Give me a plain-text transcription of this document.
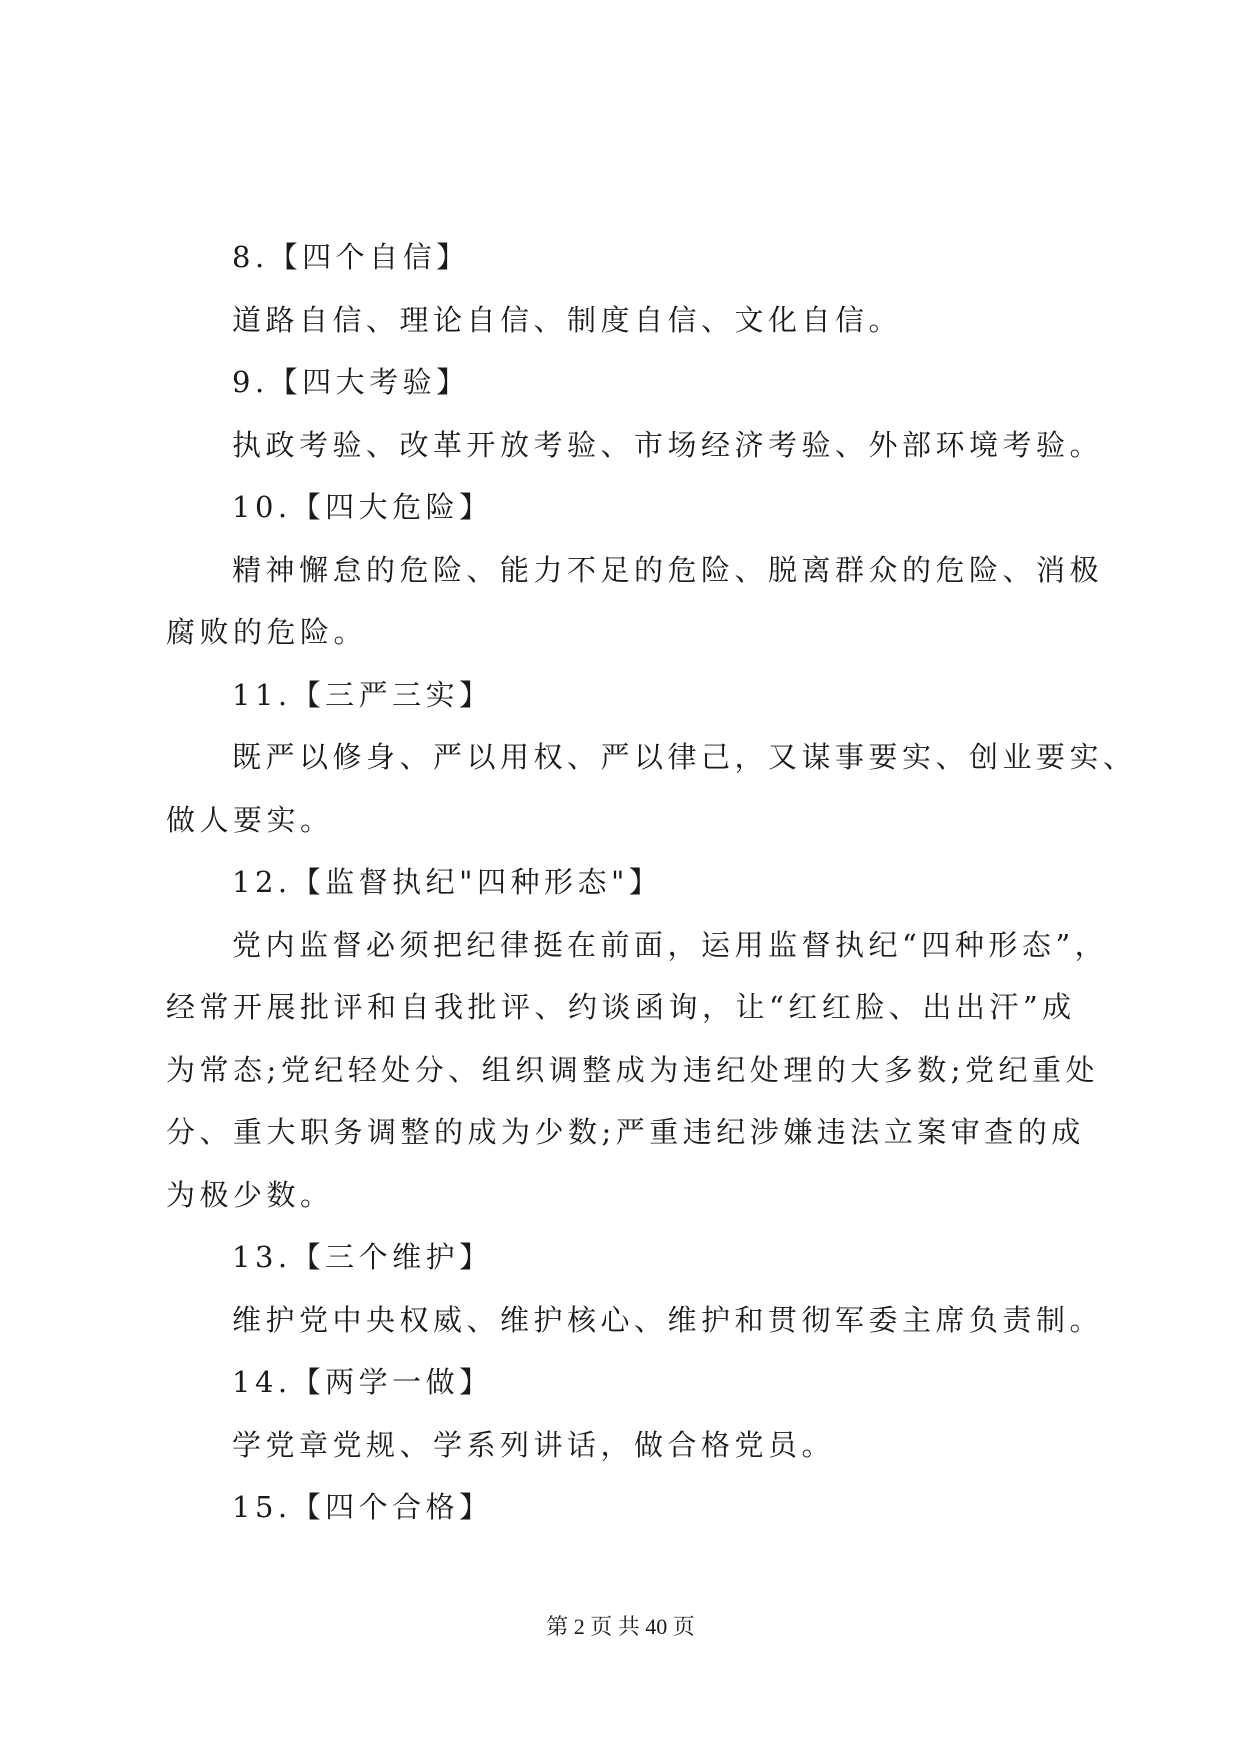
8.【四个自信】
道路自信、理论自信、制度自信、文化自信。
9.【四大考验】
执政考验、改革开放考验、市场经济考验、外部环境考验。
10.【四大危险】
精神懈怠的危险、能力不足的危险、脱离群众的危险、消极
腐败的危险。
11.【三严三实】
既严以修身、严以用权、严以律己，又谋事要实、创业要实、
做人要实。
12.【监督执纪"四种形态"】
党内监督必须把纪律挺在前面，运用监督执纪“四种形态”，
经常开展批评和自我批评、约谈函询，让“红红脸、出出汗”成
为常态;党纪轻处分、组织调整成为违纪处理的大多数;党纪重处
分、重大职务调整的成为少数;严重违纪涉嫌违法立案审查的成
为极少数。
13.【三个维护】
维护党中央权威、维护核心、维护和贯彻军委主席负责制。
14.【两学一做】
学党章党规、学系列讲话，做合格党员。
15.【四个合格】
第 2 页 共 40 页
